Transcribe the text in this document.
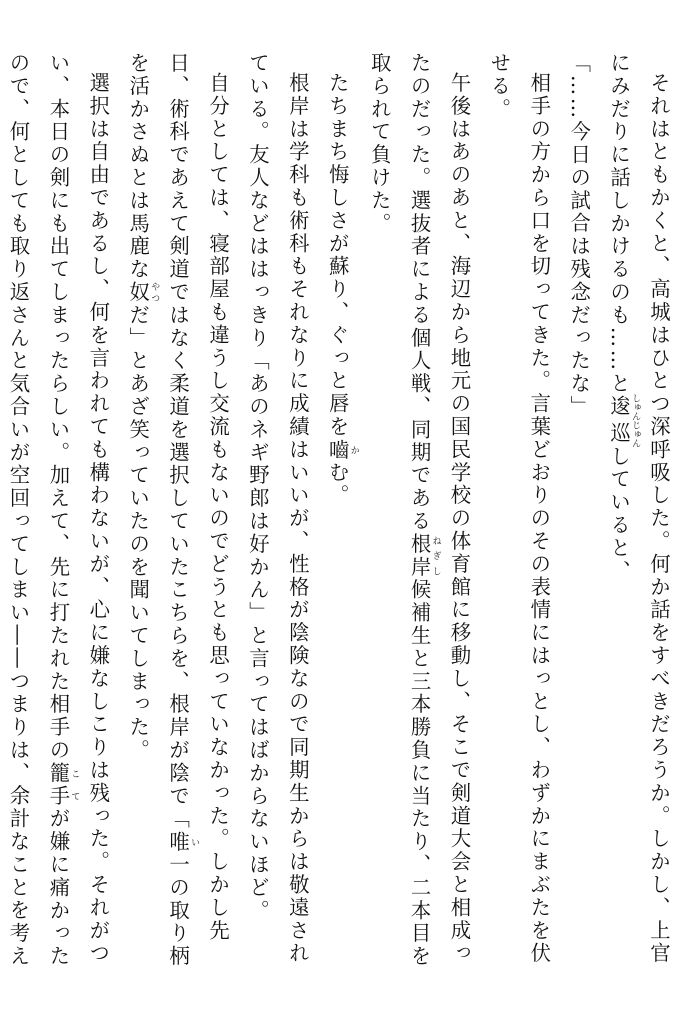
それはともかくと、高城はひとつ深呼吸した。何か話をすべきだろうか。しかし、上官にみだりに話しかけるのも……と逡巡 しゅんじゅんしていると、

「……今日の試合は残念だったな」

相手の方から口を切ってきた。言葉どおりのその表情にはっとし、わずかにまぶたを伏せる。

午後はあのあと、海辺から地元の国民学校の体育館に移動し、そこで剣道大会と相成ったのだった。選抜者による個人戦、同期である根岸 ねぎし候補生と三本勝負に当たり、二本目を取られて負けた。

たちまち悔しさが蘇り、ぐっと唇を嚙 かむ。

根岸は学科も術科もそれなりに成績はいいが、性格が陰険なので同期生からは敬遠されている。友人などははっきり「あのネギ野郎は好かん」と言ってはばからないほど。

自分としては、寝部屋も違うし交流もないのでどうとも思っていなかった。しかし先日、術科であえて剣道ではなく柔道を選択していたこちらを、根岸が陰で「唯 い一の取り柄を活かさぬとは馬鹿な奴 やつだ」とあざ笑っていたのを聞いてしまった。

選択は自由であるし、何を言われても構わないが、心に嫌なしこりは残った。それがつい、本日の剣にも出てしまったらしい。加えて、先に打たれた相手の籠手 こてが嫌に痛かったので、何としても取り返さんと気合いが空回ってしまい――つまりは、余計なことを考え
